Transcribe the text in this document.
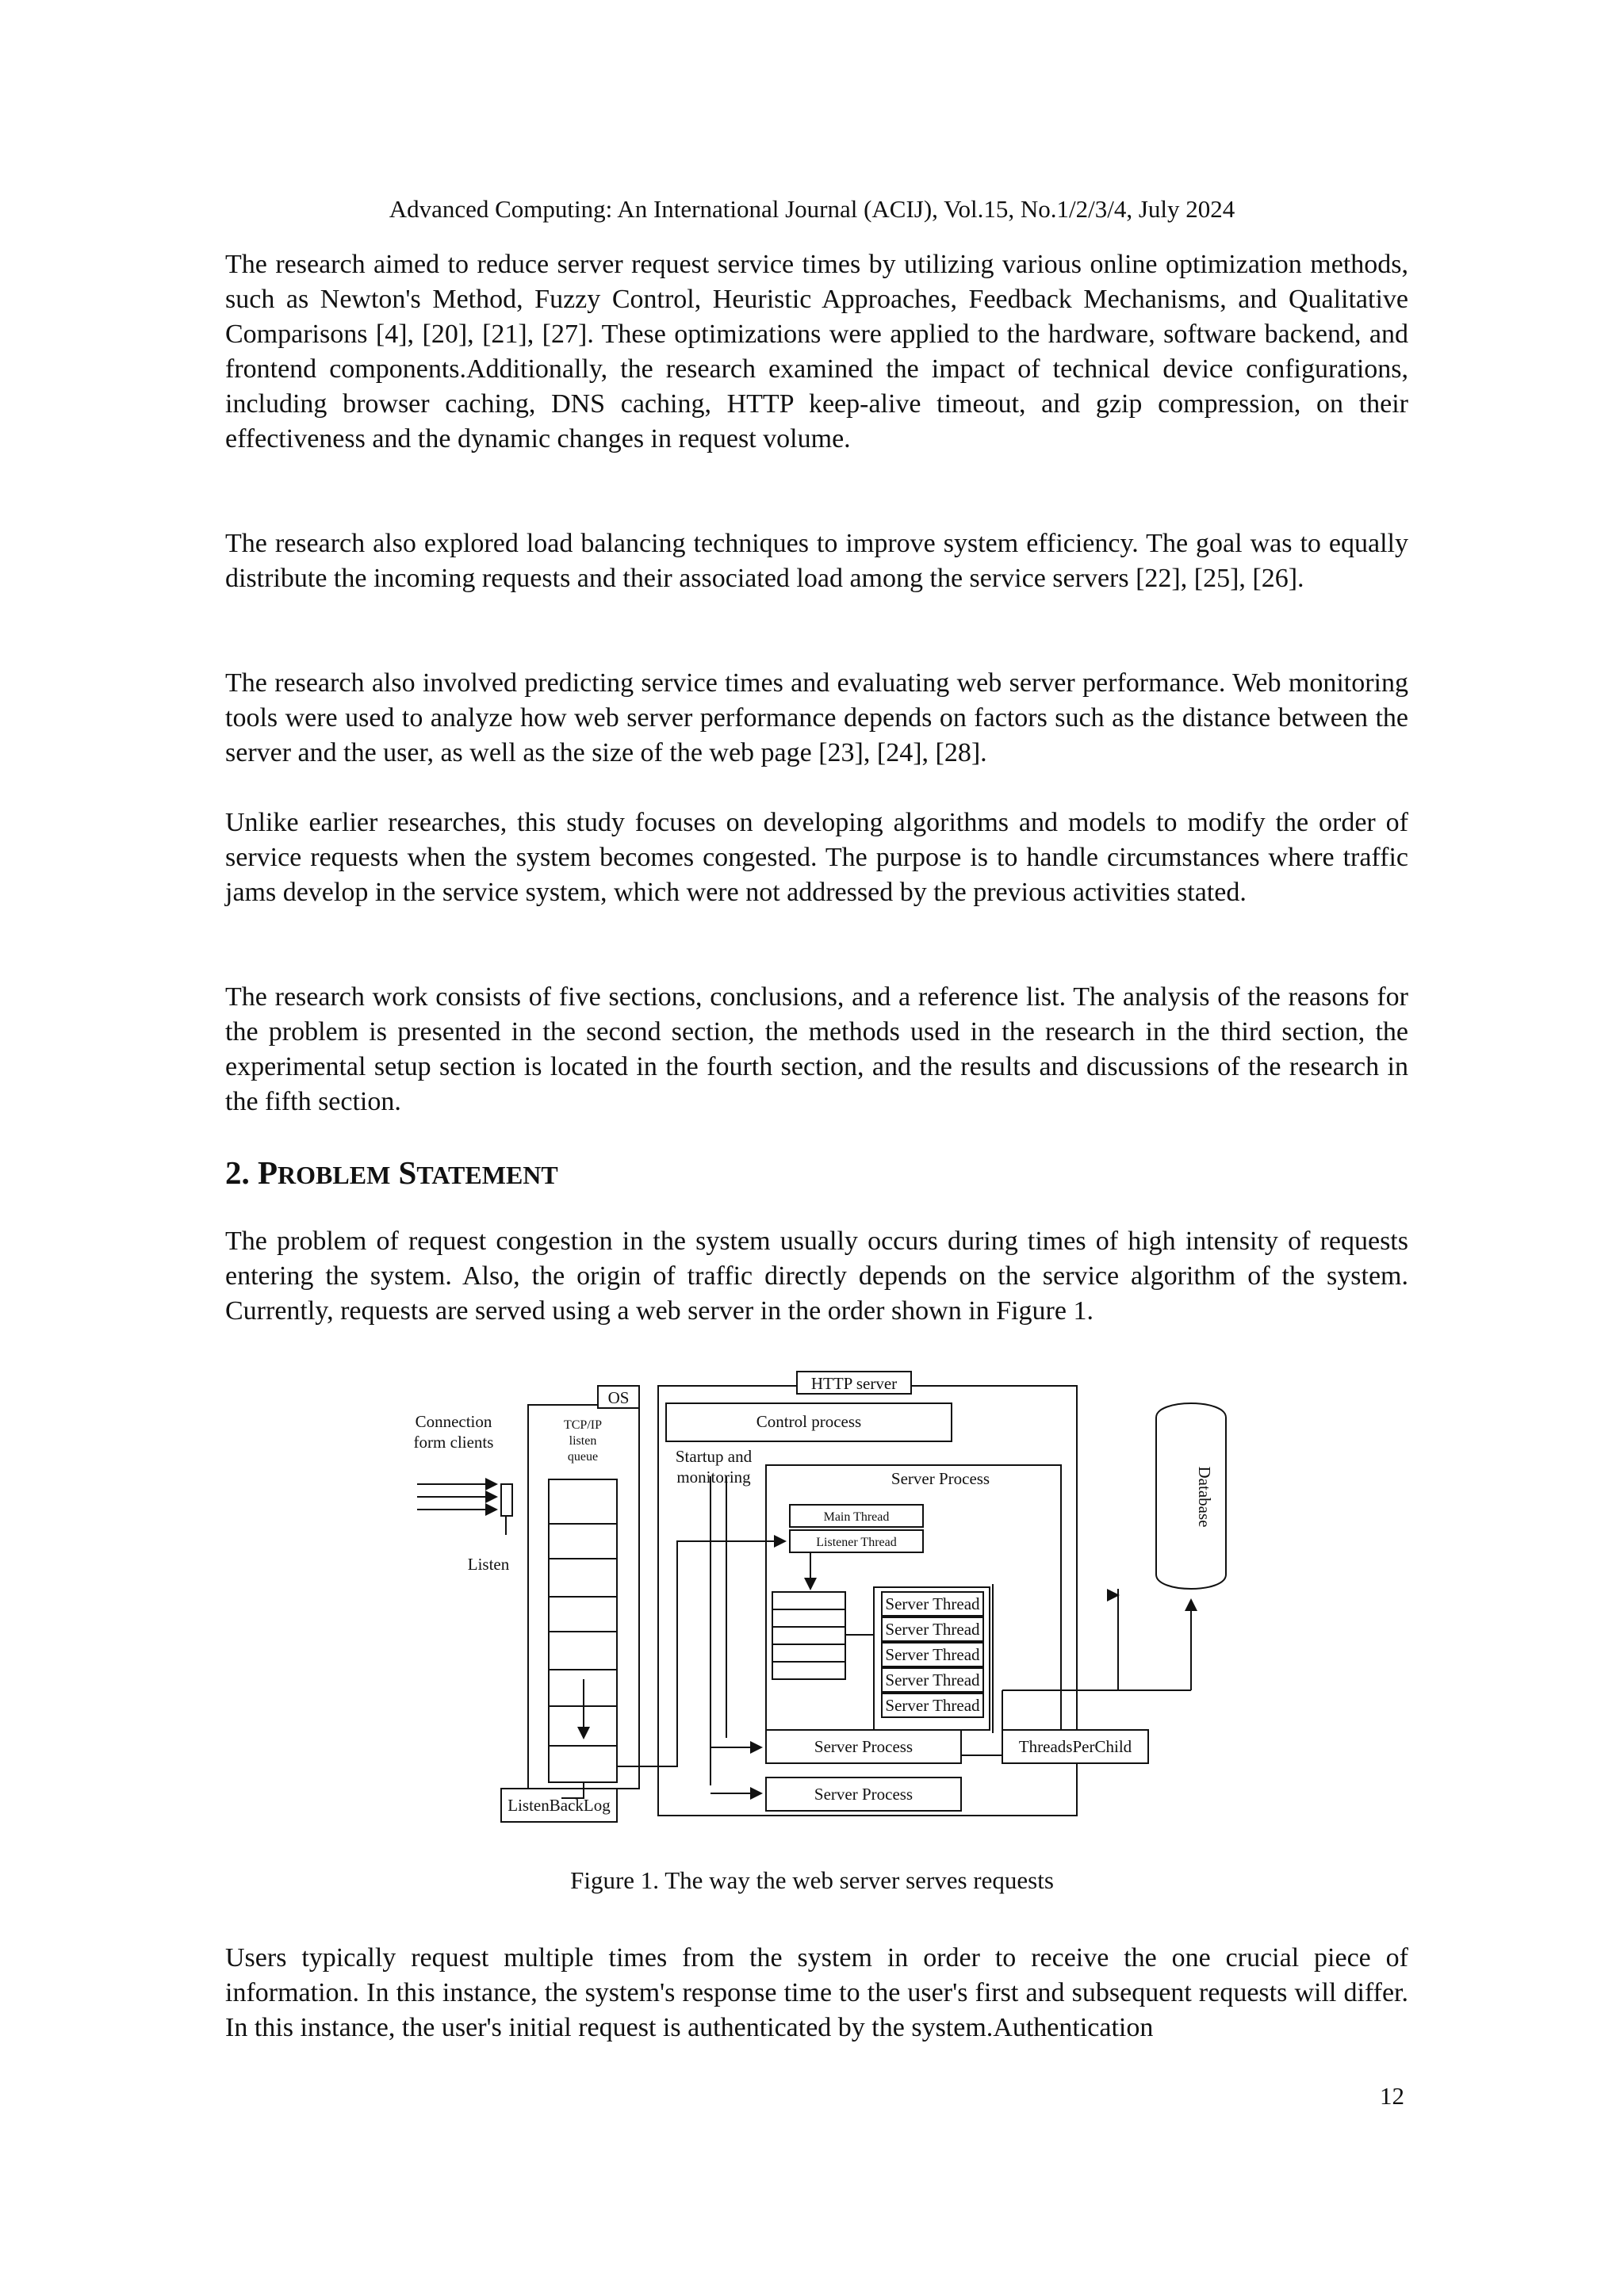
Advanced Computing: An International Journal (ACIJ), Vol.15, No.1/2/3/4, July 2024

The research aimed to reduce server request service times by utilizing various online optimization methods, such as Newton's Method, Fuzzy Control, Heuristic Approaches, Feedback Mechanisms, and Qualitative Comparisons [4], [20], [21], [27]. These optimizations were applied to the hardware, software backend, and frontend components.Additionally, the research examined the impact of technical device configurations, including browser caching, DNS caching, HTTP keep-alive timeout, and gzip compression, on their effectiveness and the dynamic changes in request volume.

The research also explored load balancing techniques to improve system efficiency. The goal was to equally distribute the incoming requests and their associated load among the service servers [22], [25], [26].

The research also involved predicting service times and evaluating web server performance. Web monitoring tools were used to analyze how web server performance depends on factors such as the distance between the server and the user, as well as the size of the web page [23], [24], [28].

Unlike earlier researches, this study focuses on developing algorithms and models to modify the order of service requests when the system becomes congested. The purpose is to handle circumstances where traffic jams develop in the service system, which were not addressed by the previous activities stated.

The research work consists of five sections, conclusions, and a reference list. The analysis of the reasons for the problem is presented in the second section, the methods used in the research in the third section, the experimental setup section is located in the fourth section, and the results and discussions of the research in the fifth section.

2. PROBLEM STATEMENT

The problem of request congestion in the system usually occurs during times of high intensity of requests entering the system. Also, the origin of traffic directly depends on the service algorithm of the system. Currently, requests are served using a web server in the order shown in Figure 1.

OS
HTTP server
Connection
form clients
Control process
Startup and
monitoring	Server Process
Listen
Server Process
Server Process
ThreadsPerChild
ListenBackLog
Server Thread
Server Thread
Server Thread
Server Thread
Server Thread
Database
TCP/IP
listen
queue
Main Thread
Listener Thread
Figure 1. The way the web server serves requests

Users typically request multiple times from the system in order to receive the one crucial piece of information. In this instance, the system's response time to the user's first and subsequent requests will differ. In this instance, the user's initial request is authenticated by the system.Authentication

12
